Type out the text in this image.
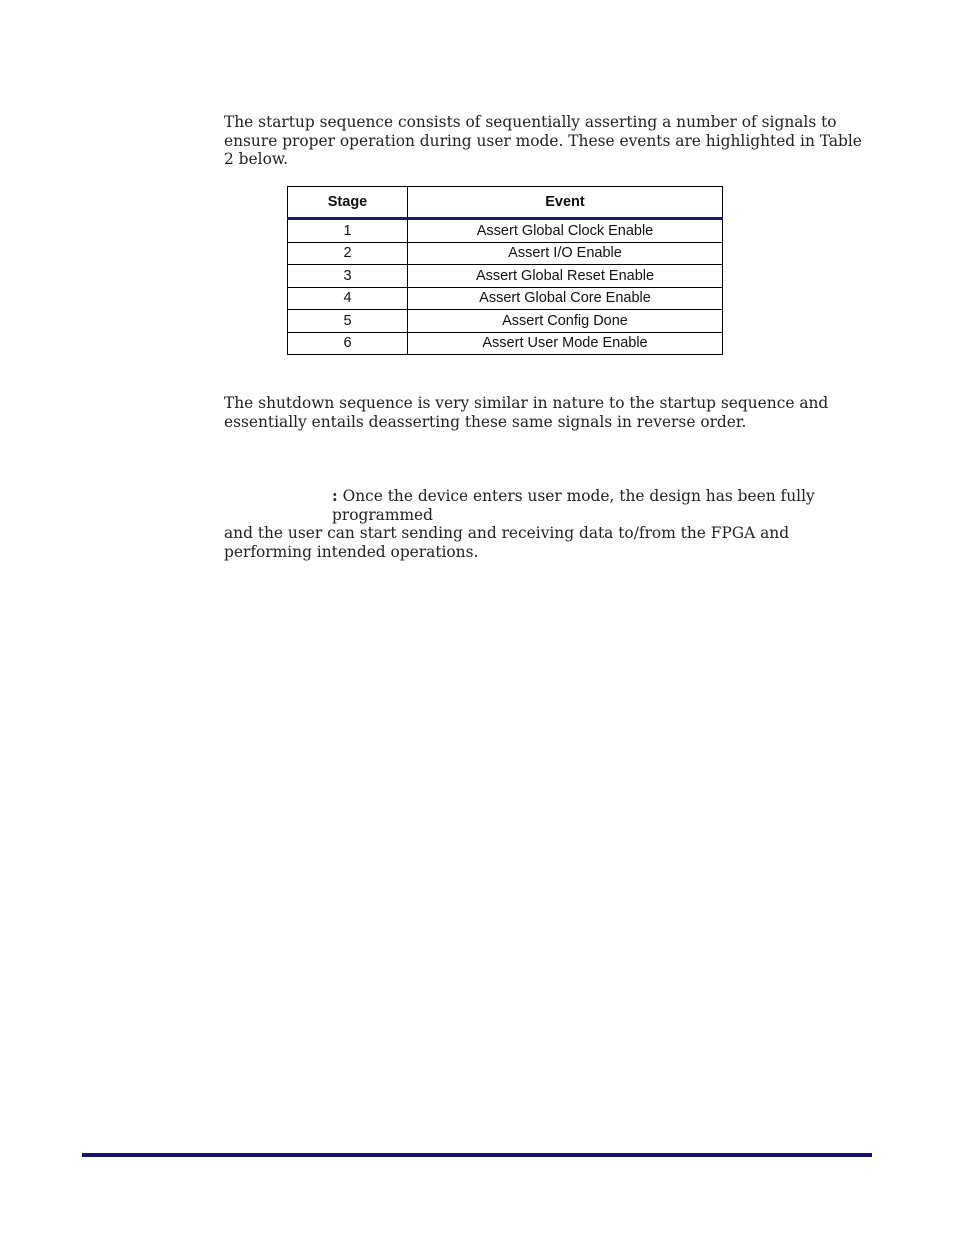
The startup sequence consists of sequentially asserting a number of signals to ensure proper operation during user mode. These events are highlighted in Table 2 below.

Stage	Event
1	Assert Global Clock Enable
2	Assert I/O Enable
3	Assert Global Reset Enable
4	Assert Global Core Enable
5	Assert Config Done
6	Assert User Mode Enable

The shutdown sequence is very similar in nature to the startup sequence and essentially entails deasserting these same signals in reverse order.

: Once the device enters user mode, the design has been fully programmed
and the user can start sending and receiving data to/from the FPGA and performing intended operations.
